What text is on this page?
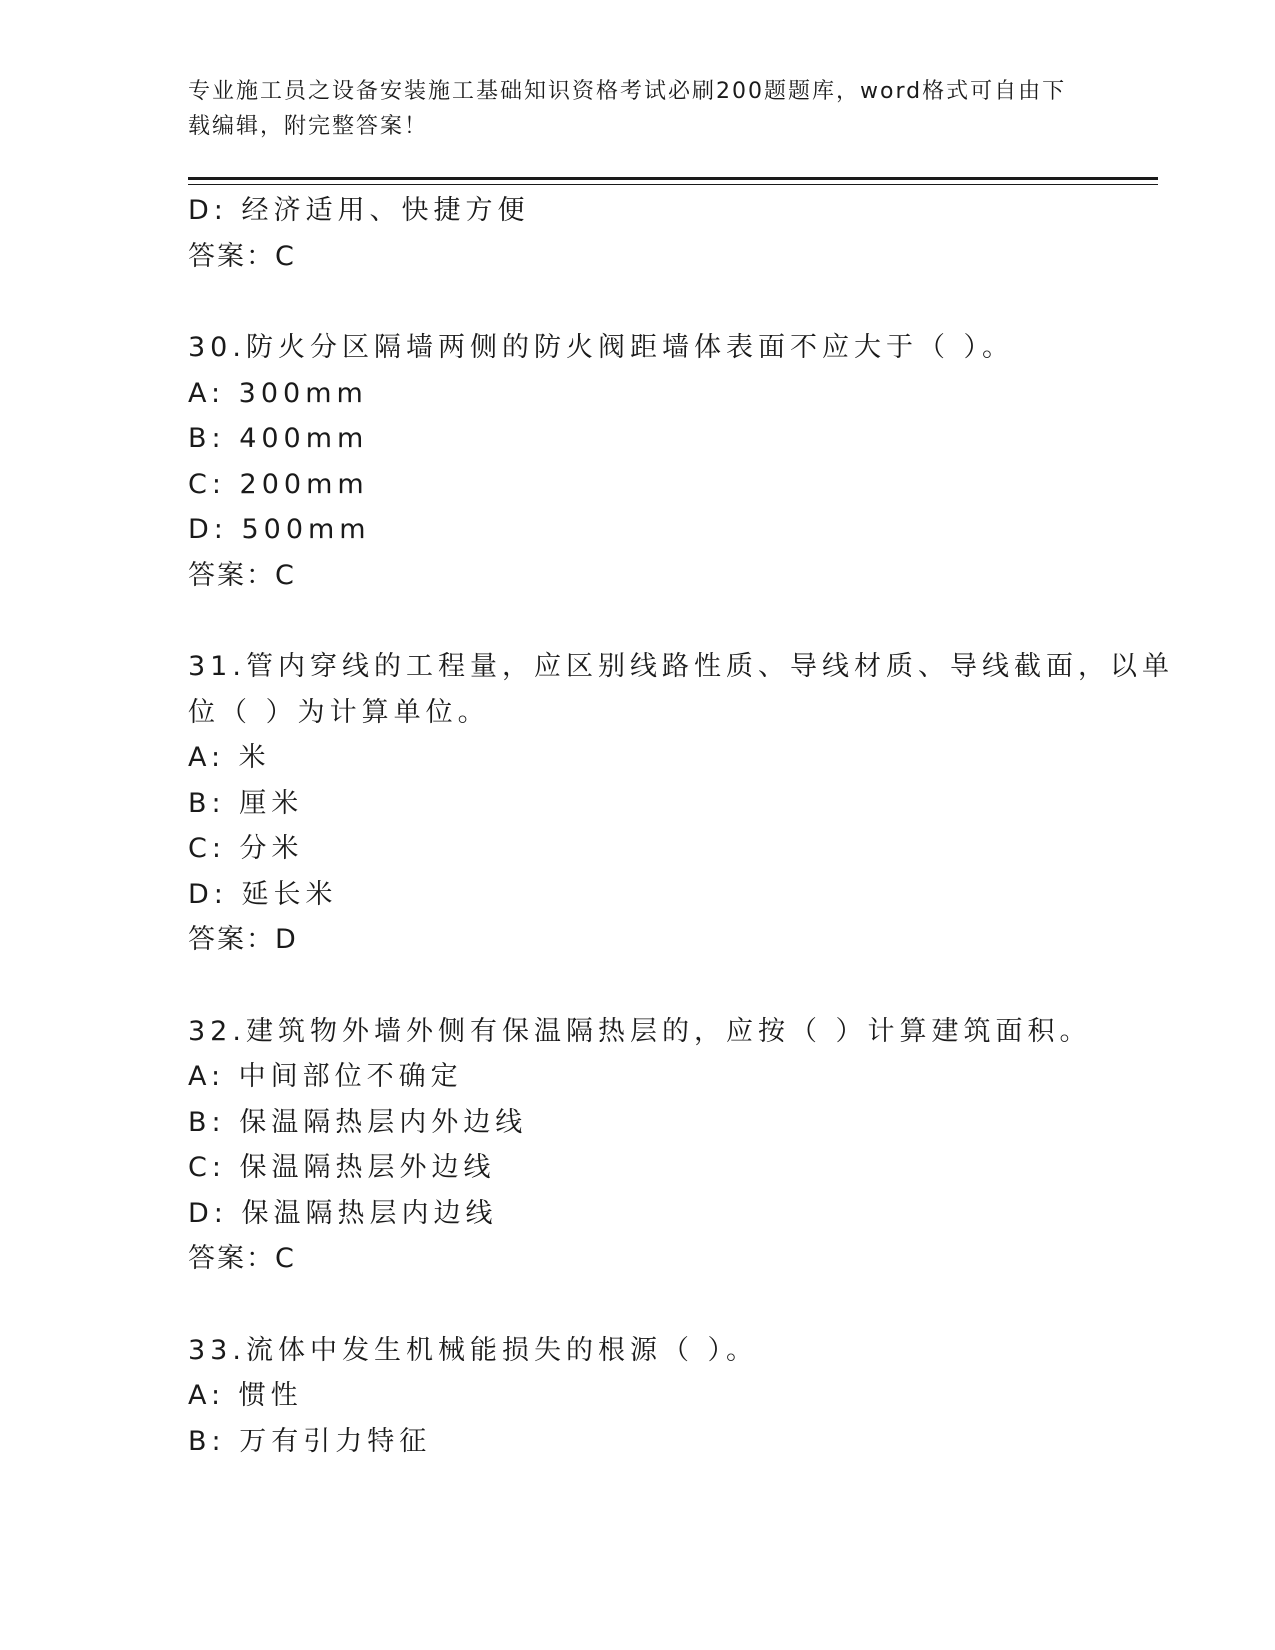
专业施工员之设备安装施工基础知识资格考试必刷200题题库，word格式可自由下载编辑，附完整答案！
D: 经济适用、快捷方便
答案：C
30.防火分区隔墙两侧的防火阀距墙体表面不应大于（ ）。
A: 300mm
B: 400mm
C: 200mm
D: 500mm
答案：C
31.管内穿线的工程量，应区别线路性质、导线材质、导线截面，以单
位（ ）为计算单位。
A: 米
B: 厘米
C: 分米
D: 延长米
答案：D
32.建筑物外墙外侧有保温隔热层的，应按（ ）计算建筑面积。
A: 中间部位不确定
B: 保温隔热层内外边线
C: 保温隔热层外边线
D: 保温隔热层内边线
答案：C
33.流体中发生机械能损失的根源（ ）。
A: 惯性
B: 万有引力特征
